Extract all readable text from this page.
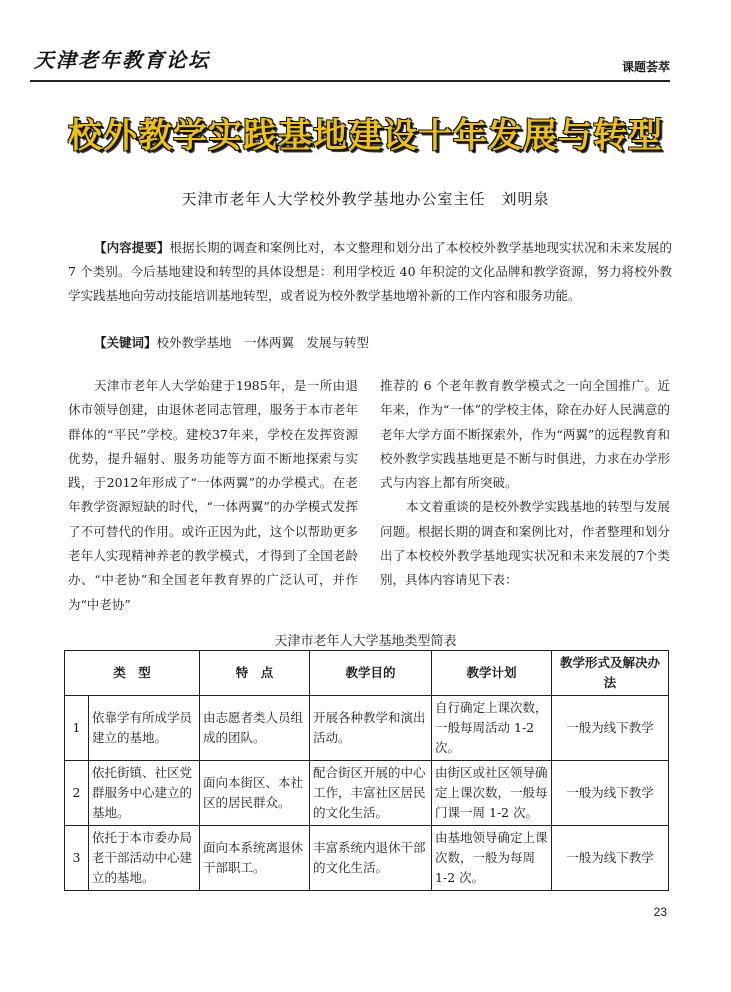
天津老年教育论坛	课题荟萃
校外教学实践基地建设十年发展与转型
天津市老年人大学校外教学基地办公室主任　刘明泉
【内容提要】根据长期的调查和案例比对，本文整理和划分出了本校校外教学基地现实状况和未来发展的 7 个类别。今后基地建设和转型的具体设想是：利用学校近 40 年积淀的文化品牌和教学资源，努力将校外教学实践基地向劳动技能培训基地转型，或者说为校外教学基地增补新的工作内容和服务功能。
【关键词】校外教学基地　一体两翼　发展与转型

天津市老年人大学始建于1985年，是一所由退休市领导创建，由退休老同志管理，服务于本市老年群体的“平民”学校。建校37年来，学校在发挥资源优势，提升辐射、服务功能等方面不断地探索与实践，于2012年形成了“一体两翼”的办学模式。在老年教学资源短缺的时代，“一体两翼”的办学模式发挥了不可替代的作用。或许正因为此，这个以帮助更多老年人实现精神养老的教学模式，才得到了全国老龄办、“中老协”和全国老年教育界的广泛认可，并作为“中老协”

推荐的 6 个老年教育教学模式之一向全国推广。近年来，作为“一体”的学校主体，除在办好人民满意的老年大学方面不断探索外，作为“两翼”的远程教育和校外教学实践基地更是不断与时俱进，力求在办学形式与内容上都有所突破。

本文着重谈的是校外教学实践基地的转型与发展问题。根据长期的调查和案例比对，作者整理和划分出了本校校外教学基地现实状况和未来发展的7个类别，具体内容请见下表：

天津市老年人大学基地类型简表
类　型		特　点	教学目的	教学计划	教学形式及解决办法
1	依靠学有所成学员建立的基地。	由志愿者类人员组成的团队。	开展各种教学和演出活动。	自行确定上课次数，一般每周活动 1-2 次。	一般为线下教学
2	依托街镇、社区党群服务中心建立的基地。	面向本街区、本社区的居民群众。	配合街区开展的中心工作，丰富社区居民的文化生活。	由街区或社区领导确定上课次数，一般每门课一周 1-2 次。	一般为线下教学
3	依托于本市委办局老干部活动中心建立的基地。	面向本系统离退休干部职工。	丰富系统内退休干部的文化生活。	由基地领导确定上课次数，一般为每周 1-2 次。	一般为线下教学
23
